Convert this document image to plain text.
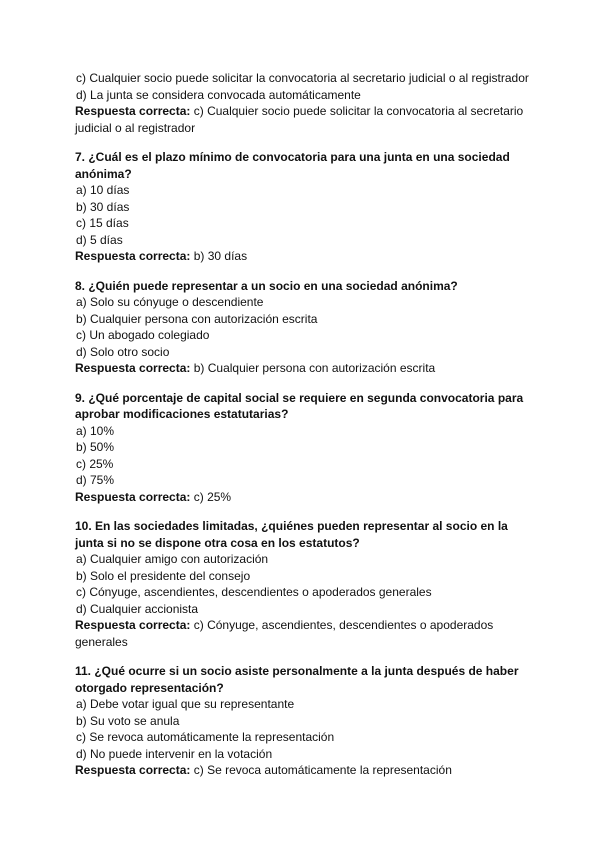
c) Cualquier socio puede solicitar la convocatoria al secretario judicial o al registrador
d) La junta se considera convocada automáticamente
Respuesta correcta: c) Cualquier socio puede solicitar la convocatoria al secretario judicial o al registrador
7. ¿Cuál es el plazo mínimo de convocatoria para una junta en una sociedad anónima?
a) 10 días
b) 30 días
c) 15 días
d) 5 días
Respuesta correcta: b) 30 días
8. ¿Quién puede representar a un socio en una sociedad anónima?
a) Solo su cónyuge o descendiente
b) Cualquier persona con autorización escrita
c) Un abogado colegiado
d) Solo otro socio
Respuesta correcta: b) Cualquier persona con autorización escrita
9. ¿Qué porcentaje de capital social se requiere en segunda convocatoria para aprobar modificaciones estatutarias?
a) 10%
b) 50%
c) 25%
d) 75%
Respuesta correcta: c) 25%
10. En las sociedades limitadas, ¿quiénes pueden representar al socio en la junta si no se dispone otra cosa en los estatutos?
a) Cualquier amigo con autorización
b) Solo el presidente del consejo
c) Cónyuge, ascendientes, descendientes o apoderados generales
d) Cualquier accionista
Respuesta correcta: c) Cónyuge, ascendientes, descendientes o apoderados generales
11. ¿Qué ocurre si un socio asiste personalmente a la junta después de haber otorgado representación?
a) Debe votar igual que su representante
b) Su voto se anula
c) Se revoca automáticamente la representación
d) No puede intervenir en la votación
Respuesta correcta: c) Se revoca automáticamente la representación
